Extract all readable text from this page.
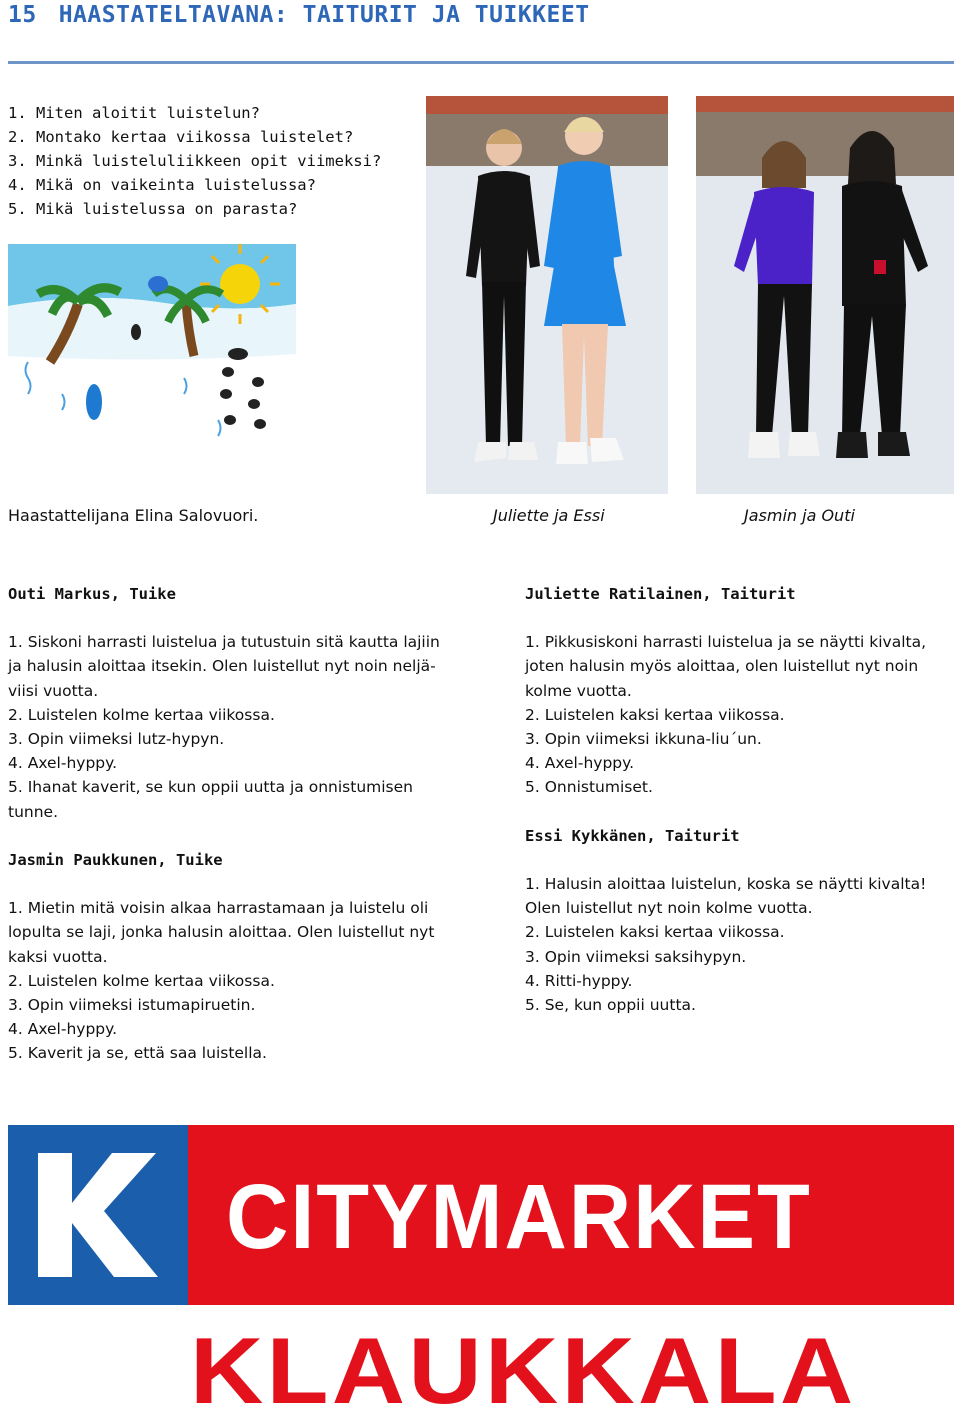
15 HAASTATELTAVANA: TAITURIT JA TUIKKEET
1. Miten aloitit luistelun?
2. Montako kertaa viikossa luistelet?
3. Minkä luisteluliikkeen opit viimeksi?
4. Mikä on vaikeinta luistelussa?
5. Mikä luistelussa on parasta?
Haastattelijana Elina Salovuori.	Juliette ja Essi	Jasmin ja Outi
Outi Markus, Tuike

1. Siskoni harrasti luistelua ja tutustuin sitä kautta lajiin ja halusin aloittaa itsekin. Olen luistellut nyt noin neljä-viisi vuotta.

2. Luistelen kolme kertaa viikossa.

3. Opin viimeksi lutz-hypyn.

4. Axel-hyppy.

5. Ihanat kaverit, se kun oppii uutta ja onnistumisen tunne.

Jasmin Paukkunen, Tuike

1. Mietin mitä voisin alkaa harrastamaan ja luistelu oli lopulta se laji, jonka halusin aloittaa. Olen luistellut nyt kaksi vuotta.

2. Luistelen kolme kertaa viikossa.

3. Opin viimeksi istumapiruetin.

4. Axel-hyppy.

5. Kaverit ja se, että saa luistella.

Juliette Ratilainen, Taiturit

1. Pikkusiskoni harrasti luistelua ja se näytti kivalta, joten halusin myös aloittaa, olen luistellut nyt noin kolme vuotta.

2. Luistelen kaksi kertaa viikossa.

3. Opin viimeksi ikkuna-liu´un.

4. Axel-hyppy.

5. Onnistumiset.

Essi Kykkänen, Taiturit

1. Halusin aloittaa luistelun, koska se näytti kivalta! Olen luistellut nyt noin kolme vuotta.

2. Luistelen kaksi kertaa viikossa.

3. Opin viimeksi saksihypyn.

4. Ritti-hyppy.

5. Se, kun oppii uutta.

CITYMARKET
KLAUKKALA
